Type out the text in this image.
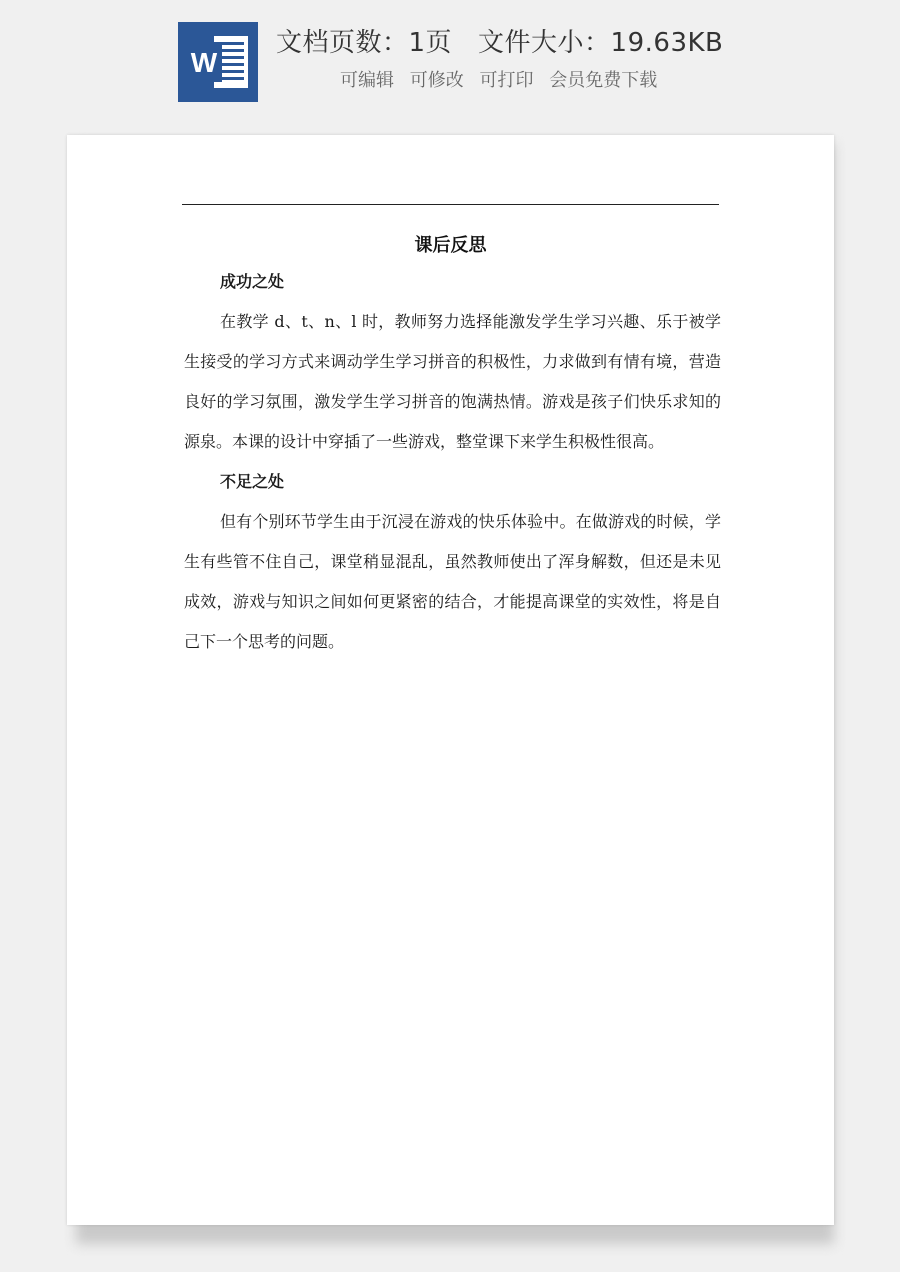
W
文档页数：1页 文件大小：19.63KB
可编辑 可修改 可打印 会员免费下载
课后反思

成功之处

在教学 d、t、n、l 时，教师努力选择能激发学生学习兴趣、乐于被学生接受的学习方式来调动学生学习拼音的积极性，力求做到有情有境，营造良好的学习氛围，激发学生学习拼音的饱满热情。游戏是孩子们快乐求知的源泉。本课的设计中穿插了一些游戏，整堂课下来学生积极性很高。

不足之处

但有个别环节学生由于沉浸在游戏的快乐体验中。在做游戏的时候，学生有些管不住自己，课堂稍显混乱，虽然教师使出了浑身解数，但还是未见成效，游戏与知识之间如何更紧密的结合，才能提高课堂的实效性，将是自己下一个思考的问题。
